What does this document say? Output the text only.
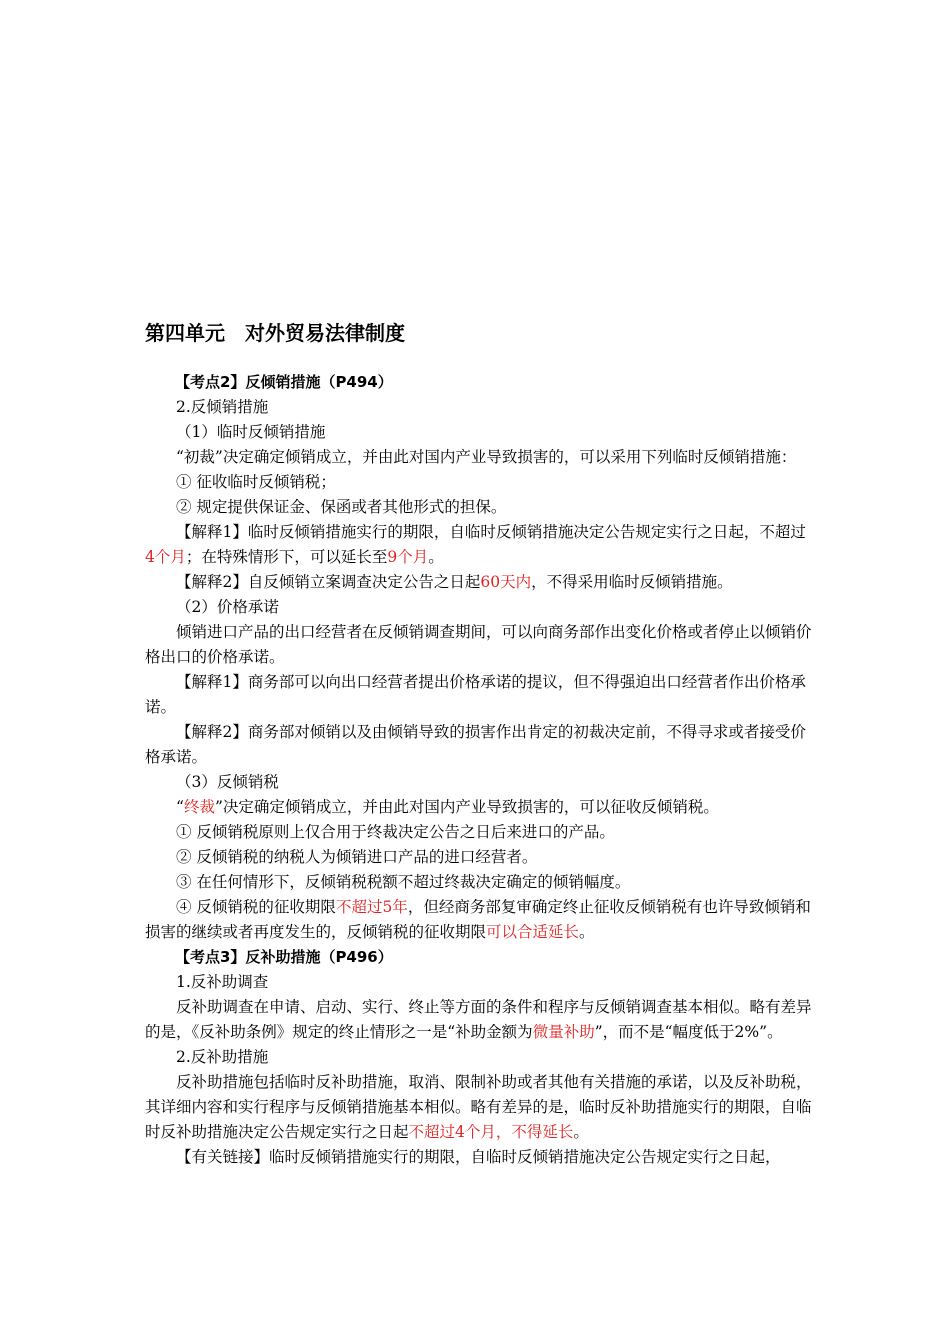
第四单元　对外贸易法律制度

【考点2】反倾销措施（P494）

2.反倾销措施

（1）临时反倾销措施

“初裁”决定确定倾销成立，并由此对国内产业导致损害的，可以采用下列临时反倾销措施：

① 征收临时反倾销税；

② 规定提供保证金、保函或者其他形式的担保。

【解释1】临时反倾销措施实行的期限，自临时反倾销措施决定公告规定实行之日起，不超过4个月；在特殊情形下，可以延长至9个月。

【解释2】自反倾销立案调查决定公告之日起60天内，不得采用临时反倾销措施。

（2）价格承诺

倾销进口产品的出口经营者在反倾销调查期间，可以向商务部作出变化价格或者停止以倾销价格出口的价格承诺。

【解释1】商务部可以向出口经营者提出价格承诺的提议，但不得强迫出口经营者作出价格承诺。

【解释2】商务部对倾销以及由倾销导致的损害作出肯定的初裁决定前，不得寻求或者接受价格承诺。

（3）反倾销税

“终裁”决定确定倾销成立，并由此对国内产业导致损害的，可以征收反倾销税。

① 反倾销税原则上仅合用于终裁决定公告之日后来进口的产品。

② 反倾销税的纳税人为倾销进口产品的进口经营者。

③ 在任何情形下，反倾销税税额不超过终裁决定确定的倾销幅度。

④ 反倾销税的征收期限不超过5年，但经商务部复审确定终止征收反倾销税有也许导致倾销和损害的继续或者再度发生的，反倾销税的征收期限可以合适延长。

【考点3】反补助措施（P496）

1.反补助调查

反补助调查在申请、启动、实行、终止等方面的条件和程序与反倾销调查基本相似。略有差异的是，《反补助条例》规定的终止情形之一是“补助金额为微量补助”，而不是“幅度低于2%”。

2.反补助措施

反补助措施包括临时反补助措施，取消、限制补助或者其他有关措施的承诺，以及反补助税，其详细内容和实行程序与反倾销措施基本相似。略有差异的是，临时反补助措施实行的期限，自临时反补助措施决定公告规定实行之日起不超过4个月，不得延长。

【有关链接】临时反倾销措施实行的期限，自临时反倾销措施决定公告规定实行之日起，
